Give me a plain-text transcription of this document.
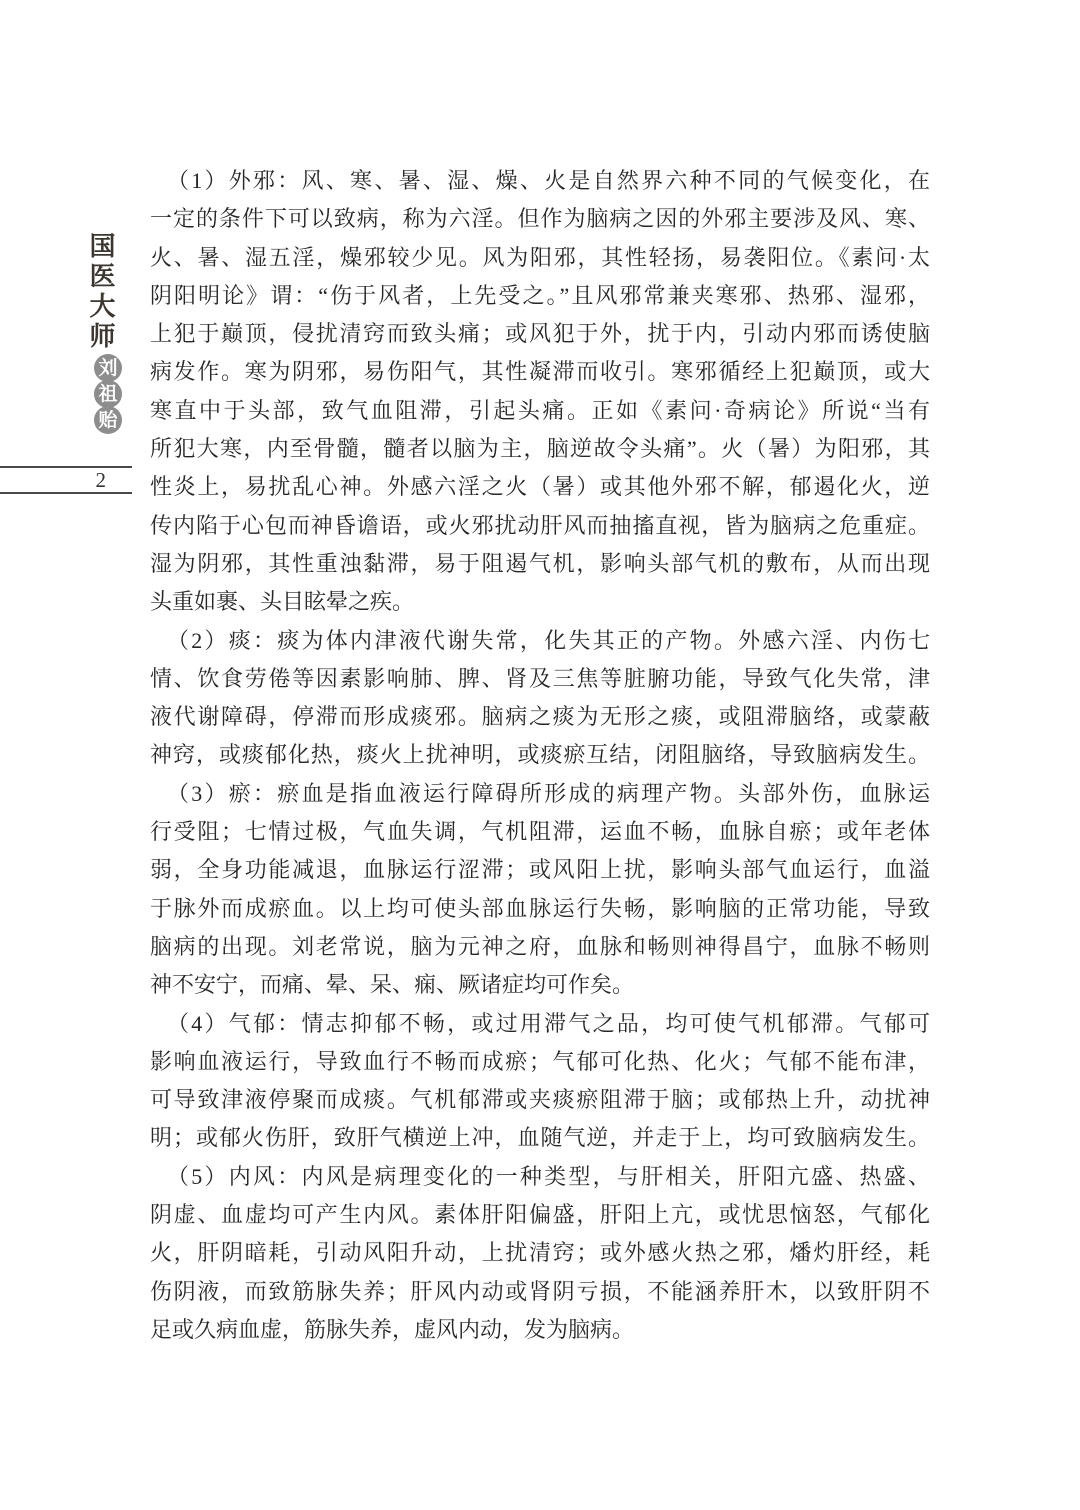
国医大师
刘
祖
贻
2
（1）外邪：风、寒、暑、湿、燥、火是自然界六种不同的气候变化，在
一定的条件下可以致病，称为六淫。但作为脑病之因的外邪主要涉及风、寒、
火、暑、湿五淫，燥邪较少见。风为阳邪，其性轻扬，易袭阳位。《素问·太
阴阳明论》谓：“伤于风者，上先受之。”且风邪常兼夹寒邪、热邪、湿邪，
上犯于巅顶，侵扰清窍而致头痛；或风犯于外，扰于内，引动内邪而诱使脑
病发作。寒为阴邪，易伤阳气，其性凝滞而收引。寒邪循经上犯巅顶，或大
寒直中于头部，致气血阻滞，引起头痛。正如《素问·奇病论》所说“当有
所犯大寒，内至骨髓，髓者以脑为主，脑逆故令头痛”。火（暑）为阳邪，其
性炎上，易扰乱心神。外感六淫之火（暑）或其他外邪不解，郁遏化火，逆
传内陷于心包而神昏谵语，或火邪扰动肝风而抽搐直视，皆为脑病之危重症。
湿为阴邪，其性重浊黏滞，易于阻遏气机，影响头部气机的敷布，从而出现
头重如裹、头目眩晕之疾。
（2）痰：痰为体内津液代谢失常，化失其正的产物。外感六淫、内伤七
情、饮食劳倦等因素影响肺、脾、肾及三焦等脏腑功能，导致气化失常，津
液代谢障碍，停滞而形成痰邪。脑病之痰为无形之痰，或阻滞脑络，或蒙蔽
神窍，或痰郁化热，痰火上扰神明，或痰瘀互结，闭阻脑络，导致脑病发生。
（3）瘀：瘀血是指血液运行障碍所形成的病理产物。头部外伤，血脉运
行受阻；七情过极，气血失调，气机阻滞，运血不畅，血脉自瘀；或年老体
弱，全身功能减退，血脉运行涩滞；或风阳上扰，影响头部气血运行，血溢
于脉外而成瘀血。以上均可使头部血脉运行失畅，影响脑的正常功能，导致
脑病的出现。刘老常说，脑为元神之府，血脉和畅则神得昌宁，血脉不畅则
神不安宁，而痛、晕、呆、痫、厥诸症均可作矣。
（4）气郁：情志抑郁不畅，或过用滞气之品，均可使气机郁滞。气郁可
影响血液运行，导致血行不畅而成瘀；气郁可化热、化火；气郁不能布津，
可导致津液停聚而成痰。气机郁滞或夹痰瘀阻滞于脑；或郁热上升，动扰神
明；或郁火伤肝，致肝气横逆上冲，血随气逆，并走于上，均可致脑病发生。
（5）内风：内风是病理变化的一种类型，与肝相关，肝阳亢盛、热盛、
阴虚、血虚均可产生内风。素体肝阳偏盛，肝阳上亢，或忧思恼怒，气郁化
火，肝阴暗耗，引动风阳升动，上扰清窍；或外感火热之邪，燔灼肝经，耗
伤阴液，而致筋脉失养；肝风内动或肾阴亏损，不能涵养肝木，以致肝阴不
足或久病血虚，筋脉失养，虚风内动，发为脑病。
